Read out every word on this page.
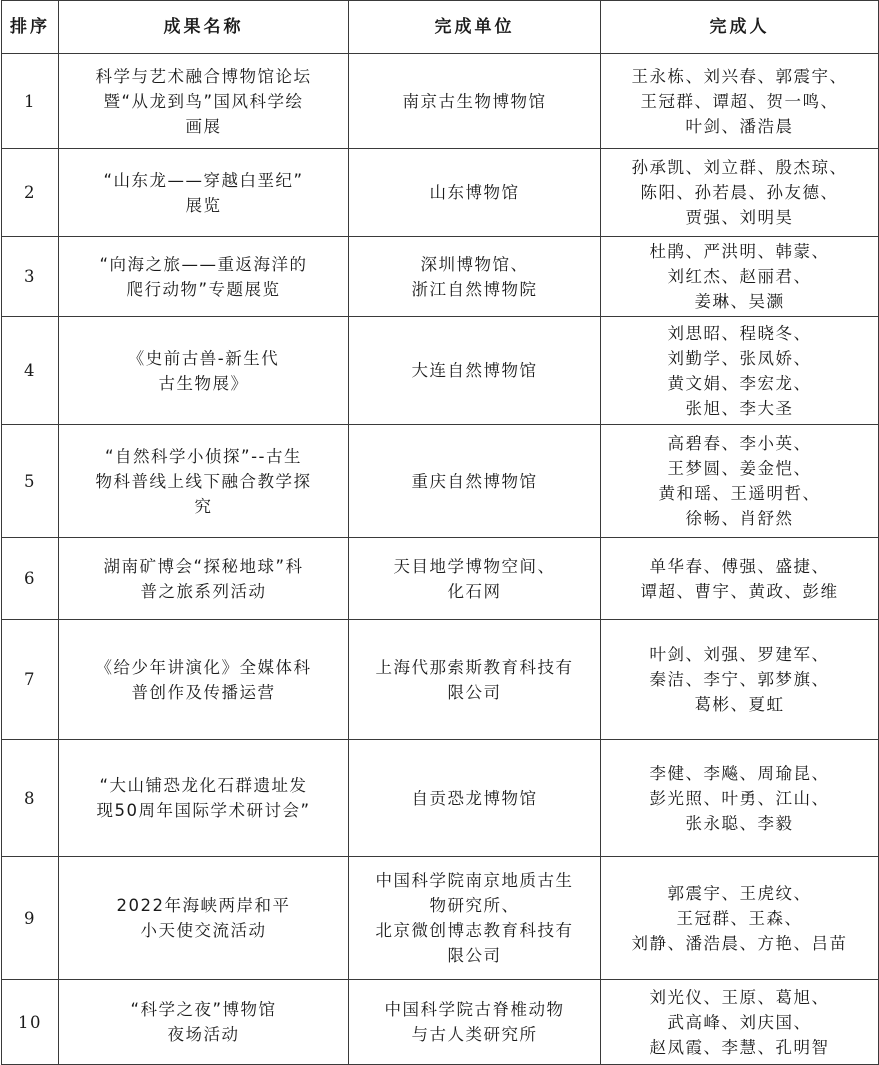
排序	成果名称	完成单位	完成人
1	科学与艺术融合博物馆论坛
暨“从龙到鸟”国风科学绘
画展	南京古生物博物馆	王永栋、刘兴春、郭震宇、
王冠群、谭超、贺一鸣、
叶剑、潘浩晨

2	“山东龙——穿越白垩纪”
展览	山东博物馆	孙承凯、刘立群、殷杰琼、
陈阳、孙若晨、孙友德、
贾强、刘明昊

3	“向海之旅——重返海洋的
爬行动物”专题展览	深圳博物馆、
浙江自然博物院	杜鹃、严洪明、韩蒙、
刘红杰、赵丽君、
姜琳、吴灏

4	《史前古兽-新生代
古生物展》	大连自然博物馆	刘思昭、程晓冬、
刘勤学、张凤娇、
黄文娟、李宏龙、
张旭、李大圣

5	“自然科学小侦探”--古生
物科普线上线下融合教学探
究	重庆自然博物馆	高碧春、李小英、
王梦圆、姜金恺、
黄和瑶、王遥明哲、
徐畅、肖舒然

6	湖南矿博会“探秘地球”科
普之旅系列活动	天目地学博物空间、
化石网	单华春、傅强、盛捷、
谭超、曹宇、黄政、彭维

7	《给少年讲演化》全媒体科
普创作及传播运营	上海代那索斯教育科技有
限公司	叶剑、刘强、罗建军、
秦洁、李宁、郭梦旗、
葛彬、夏虹

8	“大山铺恐龙化石群遗址发
现50周年国际学术研讨会”	自贡恐龙博物馆	李健、李飚、周瑜昆、
彭光照、叶勇、江山、
张永聪、李毅

9	2022年海峡两岸和平
小天使交流活动	中国科学院南京地质古生
物研究所、
北京微创博志教育科技有
限公司	郭震宇、王虎纹、
王冠群、王森、
刘静、潘浩晨、方艳、吕苗

10	“科学之夜”博物馆
夜场活动	中国科学院古脊椎动物
与古人类研究所	刘光仪、王原、葛旭、
武高峰、刘庆国、
赵凤霞、李慧、孔明智
